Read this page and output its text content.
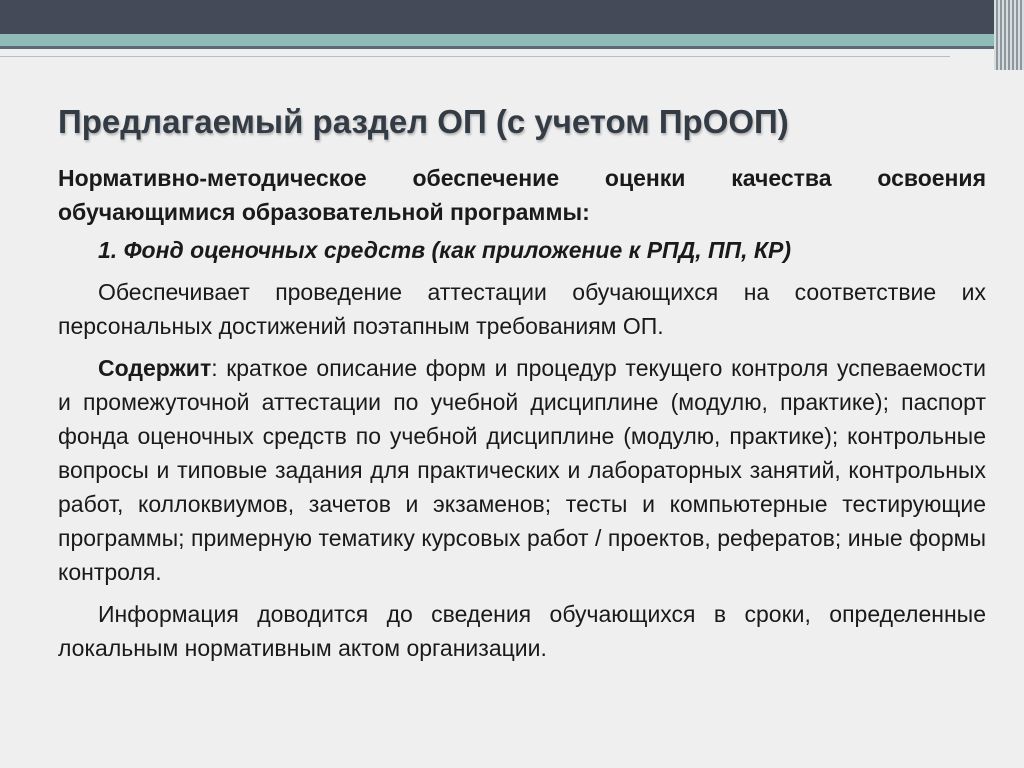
Предлагаемый раздел ОП (с учетом ПрООП)

Нормативно-методическое обеспечение оценки качества освоения обучающимися образовательной программы:

1. Фонд оценочных средств (как приложение к РПД, ПП, КР)

Обеспечивает проведение аттестации обучающихся на соответствие их персональных достижений поэтапным требованиям ОП.

Содержит: краткое описание форм и процедур текущего контроля успеваемости и промежуточной аттестации по учебной дисциплине (модулю, практике); паспорт фонда оценочных средств по учебной дисциплине (модулю, практике); контрольные вопросы и типовые задания для практических и лабораторных занятий, контрольных работ, коллоквиумов, зачетов и экзаменов; тесты и компьютерные тестирующие программы; примерную тематику курсовых работ / проектов, рефератов; иные формы контроля.

Информация доводится до сведения обучающихся в сроки, определенные локальным нормативным актом организации.
